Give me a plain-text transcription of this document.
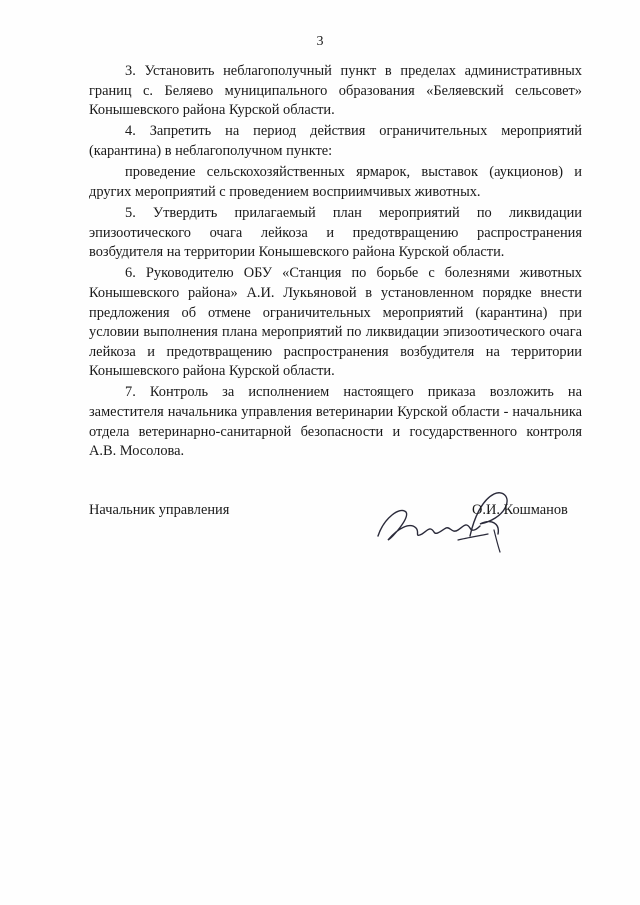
3

3. Установить неблагополучный пункт в пределах административных границ с. Беляево муниципального образования «Беляевский сельсовет» Конышевского района Курской области.

4. Запретить на период действия ограничительных мероприятий (карантина) в неблагополучном пункте:

проведение сельскохозяйственных ярмарок, выставок (аукционов) и других мероприятий с проведением восприимчивых животных.

5. Утвердить прилагаемый план мероприятий по ликвидации эпизоотического очага лейкоза и предотвращению распространения возбудителя на территории Конышевского района Курской области.

6. Руководителю ОБУ «Станция по борьбе с болезнями животных Конышевского района» А.И. Лукьяновой в установленном порядке внести предложения об отмене ограничительных мероприятий (карантина) при условии выполнения плана мероприятий по ликвидации эпизоотического очага лейкоза и предотвращению распространения возбудителя на территории Конышевского района Курской области.

7. Контроль за исполнением настоящего приказа возложить на заместителя начальника управления ветеринарии Курской области - начальника отдела ветеринарно-санитарной безопасности и государственного контроля А.В. Мосолова.

Начальник управления	О.И. Кошманов
